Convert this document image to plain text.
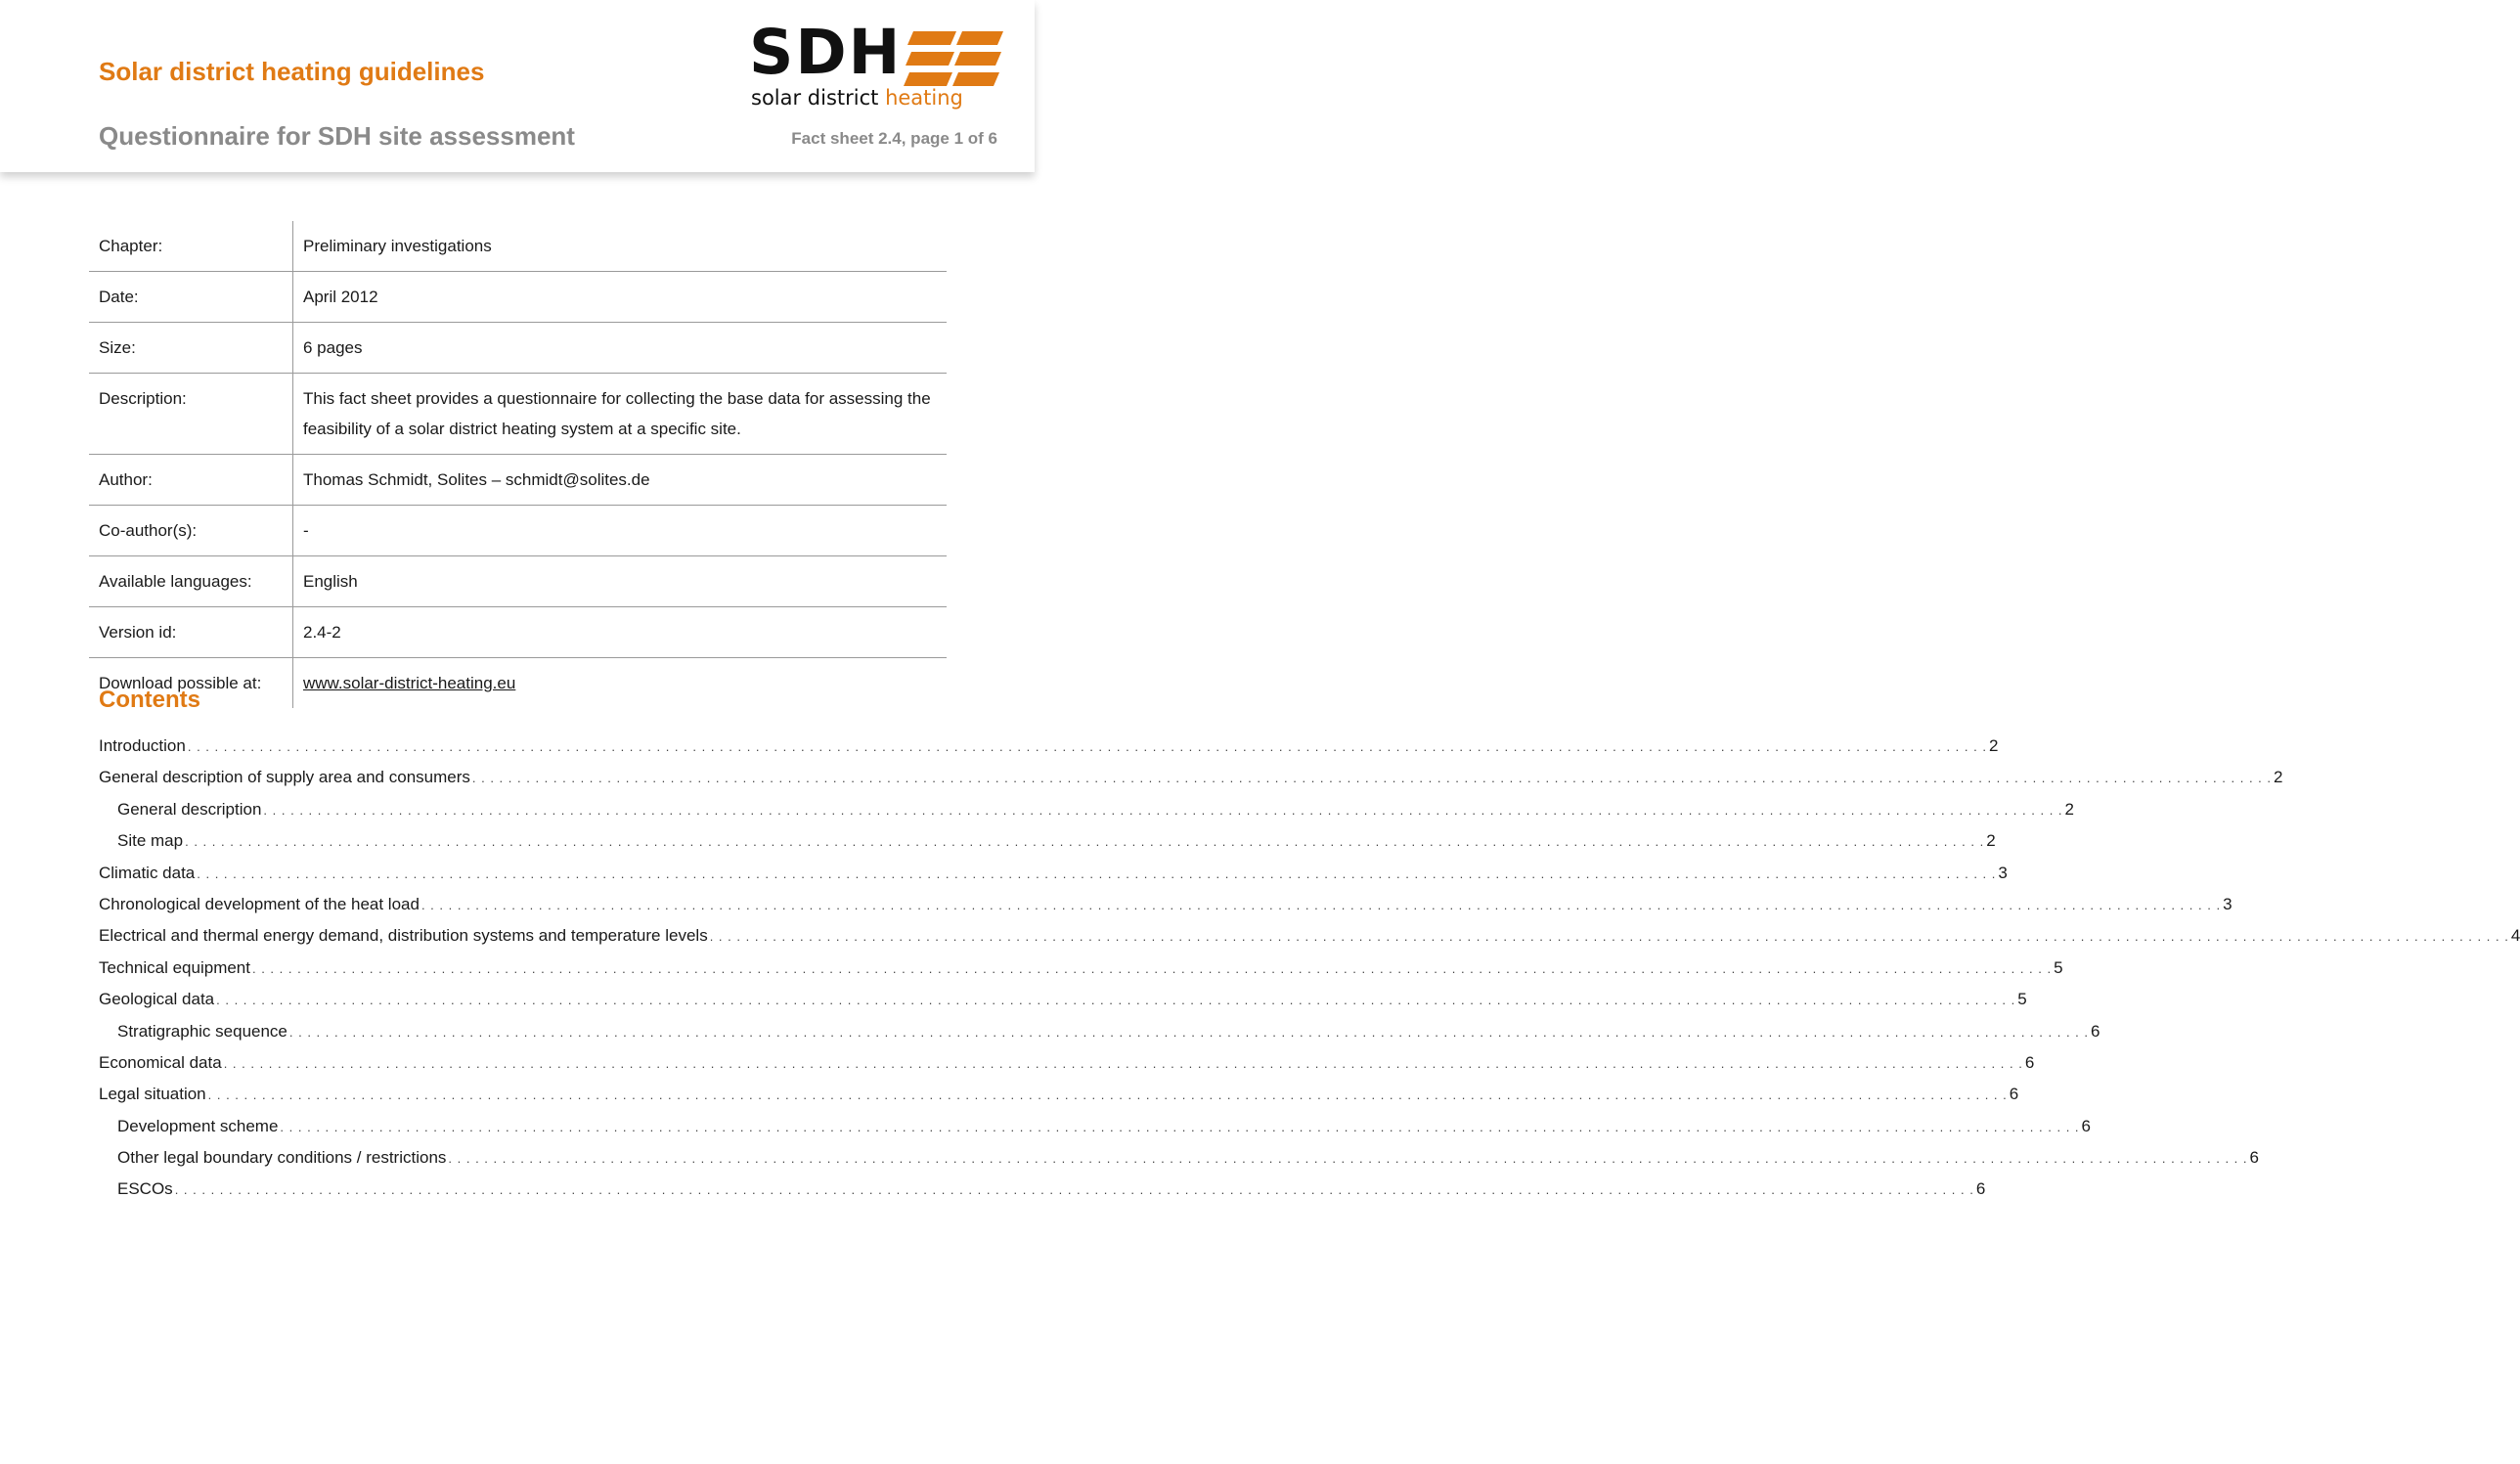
Solar district heating guidelines
Questionnaire for SDH site assessment	Fact sheet 2.4, page 1 of 6
SDH
solar district heating
Chapter:	Preliminary investigations
Date:	April 2012
Size:	6 pages
Description:	This fact sheet provides a questionnaire for collecting the base data for assessing the feasibility of a solar district heating system at a specific site.
Author:	Thomas Schmidt, Solites – schmidt@solites.de
Co-author(s):	-
Available languages:	English
Version id:	2.4-2
Download possible at:	www.solar-district-heating.eu
Contents
Introduction . . . . . . . . . . . . . . . . . . . . . . . . . . . . . . . . . . . . . . . . . . . . . . . . . . . . . . . . . . . . . . . . . . . . . . . . . . . . . . . . . . . . . . . . . . . . . . . . . . . . . . . . . . . . . . . . . . . . . . . . . . . . . . . . . . . . . . . . . . . . . . . . . . . . . . . . . . . . . . . . . . . . . . . . . . . . . . . . . . . . . . . . . . . . . . . . . . . . . . . . 2
General description of supply area and consumers . . . . . . . . . . . . . . . . . . . . . . . . . . . . . . . . . . . . . . . . . . . . . . . . . . . . . . . . . . . . . . . . . . . . . . . . . . . . . . . . . . . . . . . . . . . . . . . . . . . . . . . . . . . . . . . . . . . . . . . . . . . . . . . . . . . . . . . . . . . . . . . . . . . . . . . . . . . . . . . . . . . . . . . . . . . . . . . . . . . . . . . . . . . . . . . . . . . . . . . . 2
General description . . . . . . . . . . . . . . . . . . . . . . . . . . . . . . . . . . . . . . . . . . . . . . . . . . . . . . . . . . . . . . . . . . . . . . . . . . . . . . . . . . . . . . . . . . . . . . . . . . . . . . . . . . . . . . . . . . . . . . . . . . . . . . . . . . . . . . . . . . . . . . . . . . . . . . . . . . . . . . . . . . . . . . . . . . . . . . . . . . . . . . . . . . . . . . . . . . . . . . . . 2
Site map . . . . . . . . . . . . . . . . . . . . . . . . . . . . . . . . . . . . . . . . . . . . . . . . . . . . . . . . . . . . . . . . . . . . . . . . . . . . . . . . . . . . . . . . . . . . . . . . . . . . . . . . . . . . . . . . . . . . . . . . . . . . . . . . . . . . . . . . . . . . . . . . . . . . . . . . . . . . . . . . . . . . . . . . . . . . . . . . . . . . . . . . . . . . . . . . . . . . . . . . 2
Climatic data . . . . . . . . . . . . . . . . . . . . . . . . . . . . . . . . . . . . . . . . . . . . . . . . . . . . . . . . . . . . . . . . . . . . . . . . . . . . . . . . . . . . . . . . . . . . . . . . . . . . . . . . . . . . . . . . . . . . . . . . . . . . . . . . . . . . . . . . . . . . . . . . . . . . . . . . . . . . . . . . . . . . . . . . . . . . . . . . . . . . . . . . . . . . . . . . . . . . . . . . 3
Chronological development of the heat load . . . . . . . . . . . . . . . . . . . . . . . . . . . . . . . . . . . . . . . . . . . . . . . . . . . . . . . . . . . . . . . . . . . . . . . . . . . . . . . . . . . . . . . . . . . . . . . . . . . . . . . . . . . . . . . . . . . . . . . . . . . . . . . . . . . . . . . . . . . . . . . . . . . . . . . . . . . . . . . . . . . . . . . . . . . . . . . . . . . . . . . . . . . . . . . . . . . . . . . . 3
Electrical and thermal energy demand, distribution systems and temperature levels . . . . . . . . . . . . . . . . . . . . . . . . . . . . . . . . . . . . . . . . . . . . . . . . . . . . . . . . . . . . . . . . . . . . . . . . . . . . . . . . . . . . . . . . . . . . . . . . . . . . . . . . . . . . . . . . . . . . . . . . . . . . . . . . . . . . . . . . . . . . . . . . . . . . . . . . . . . . . . . . . . . . . . . . . . . . . . . . . . . . . . . . . . . . . . . . . . . . . . . . 4
Technical equipment . . . . . . . . . . . . . . . . . . . . . . . . . . . . . . . . . . . . . . . . . . . . . . . . . . . . . . . . . . . . . . . . . . . . . . . . . . . . . . . . . . . . . . . . . . . . . . . . . . . . . . . . . . . . . . . . . . . . . . . . . . . . . . . . . . . . . . . . . . . . . . . . . . . . . . . . . . . . . . . . . . . . . . . . . . . . . . . . . . . . . . . . . . . . . . . . . . . . . . . . 5
Geological data . . . . . . . . . . . . . . . . . . . . . . . . . . . . . . . . . . . . . . . . . . . . . . . . . . . . . . . . . . . . . . . . . . . . . . . . . . . . . . . . . . . . . . . . . . . . . . . . . . . . . . . . . . . . . . . . . . . . . . . . . . . . . . . . . . . . . . . . . . . . . . . . . . . . . . . . . . . . . . . . . . . . . . . . . . . . . . . . . . . . . . . . . . . . . . . . . . . . . . . . 5
Stratigraphic sequence . . . . . . . . . . . . . . . . . . . . . . . . . . . . . . . . . . . . . . . . . . . . . . . . . . . . . . . . . . . . . . . . . . . . . . . . . . . . . . . . . . . . . . . . . . . . . . . . . . . . . . . . . . . . . . . . . . . . . . . . . . . . . . . . . . . . . . . . . . . . . . . . . . . . . . . . . . . . . . . . . . . . . . . . . . . . . . . . . . . . . . . . . . . . . . . . . . . . . . . . 6
Economical data . . . . . . . . . . . . . . . . . . . . . . . . . . . . . . . . . . . . . . . . . . . . . . . . . . . . . . . . . . . . . . . . . . . . . . . . . . . . . . . . . . . . . . . . . . . . . . . . . . . . . . . . . . . . . . . . . . . . . . . . . . . . . . . . . . . . . . . . . . . . . . . . . . . . . . . . . . . . . . . . . . . . . . . . . . . . . . . . . . . . . . . . . . . . . . . . . . . . . . . . 6
Legal situation . . . . . . . . . . . . . . . . . . . . . . . . . . . . . . . . . . . . . . . . . . . . . . . . . . . . . . . . . . . . . . . . . . . . . . . . . . . . . . . . . . . . . . . . . . . . . . . . . . . . . . . . . . . . . . . . . . . . . . . . . . . . . . . . . . . . . . . . . . . . . . . . . . . . . . . . . . . . . . . . . . . . . . . . . . . . . . . . . . . . . . . . . . . . . . . . . . . . . . . . 6
Development scheme . . . . . . . . . . . . . . . . . . . . . . . . . . . . . . . . . . . . . . . . . . . . . . . . . . . . . . . . . . . . . . . . . . . . . . . . . . . . . . . . . . . . . . . . . . . . . . . . . . . . . . . . . . . . . . . . . . . . . . . . . . . . . . . . . . . . . . . . . . . . . . . . . . . . . . . . . . . . . . . . . . . . . . . . . . . . . . . . . . . . . . . . . . . . . . . . . . . . . . . . 6
Other legal boundary conditions / restrictions . . . . . . . . . . . . . . . . . . . . . . . . . . . . . . . . . . . . . . . . . . . . . . . . . . . . . . . . . . . . . . . . . . . . . . . . . . . . . . . . . . . . . . . . . . . . . . . . . . . . . . . . . . . . . . . . . . . . . . . . . . . . . . . . . . . . . . . . . . . . . . . . . . . . . . . . . . . . . . . . . . . . . . . . . . . . . . . . . . . . . . . . . . . . . . . . . . . . . . . . 6
ESCOs . . . . . . . . . . . . . . . . . . . . . . . . . . . . . . . . . . . . . . . . . . . . . . . . . . . . . . . . . . . . . . . . . . . . . . . . . . . . . . . . . . . . . . . . . . . . . . . . . . . . . . . . . . . . . . . . . . . . . . . . . . . . . . . . . . . . . . . . . . . . . . . . . . . . . . . . . . . . . . . . . . . . . . . . . . . . . . . . . . . . . . . . . . . . . . . . . . . . . . . . 6
